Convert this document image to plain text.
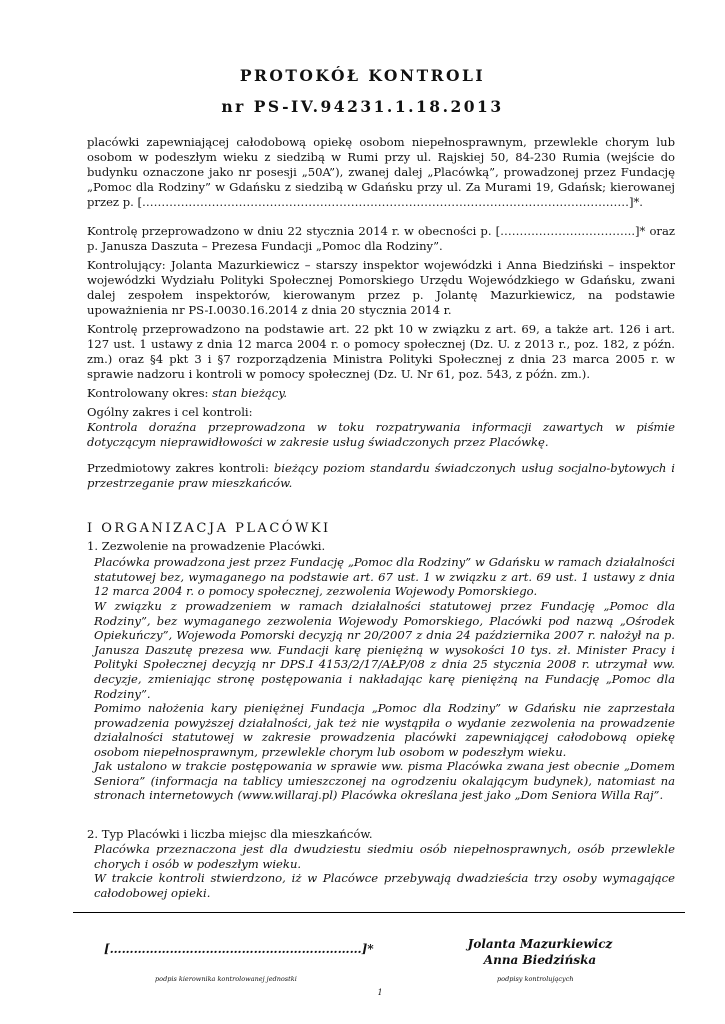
PROTOKÓŁ KONTROLI
nr PS-IV.94231.1.18.2013

placówki zapewniającej całodobową opiekę osobom niepełnosprawnym, przewlekle chorym lub osobom w podeszłym wieku z siedzibą w Rumi przy ul. Rajskiej 50, 84-230 Rumia (wejście do budynku oznaczone jako nr posesji „50A”), zwanej dalej „Placówką”, prowadzonej przez Fundację „Pomoc dla Rodziny” w Gdańsku z siedzibą w Gdańsku przy ul. Za Murami 19, Gdańsk; kierowanej przez p. [………………………………………………………………………………………………………………]*.

Kontrolę przeprowadzono w dniu 22 stycznia 2014 r. w obecności p. [……………………………..]* oraz p. Janusza Daszuta – Prezesa Fundacji „Pomoc dla Rodziny”.

Kontrolujący: Jolanta Mazurkiewicz – starszy inspektor wojewódzki i Anna Biedziński – inspektor wojewódzki Wydziału Polityki Społecznej Pomorskiego Urzędu Wojewódzkiego w Gdańsku, zwani dalej zespołem inspektorów, kierowanym przez p. Jolantę Mazurkiewicz, na podstawie upoważnienia nr PS-I.0030.16.2014 z dnia 20 stycznia 2014 r.

Kontrolę przeprowadzono na podstawie art. 22 pkt 10 w związku z art. 69, a także art. 126 i art. 127 ust. 1 ustawy z dnia 12 marca 2004 r. o pomocy społecznej (Dz. U. z 2013 r., poz. 182, z późn. zm.) oraz §4 pkt 3 i §7 rozporządzenia Ministra Polityki Społecznej z dnia 23 marca 2005 r. w sprawie nadzoru i kontroli w pomocy społecznej (Dz. U. Nr 61, poz. 543, z późn. zm.).

Kontrolowany okres: stan bieżący.

Ogólny zakres i cel kontroli:

Kontrola doraźna przeprowadzona w toku rozpatrywania informacji zawartych w piśmie dotyczącym nieprawidłowości w zakresie usług świadczonych przez Placówkę.

Przedmiotowy zakres kontroli: bieżący poziom standardu świadczonych usług socjalno-bytowych i przestrzeganie praw mieszkańców.
I ORGANIZACJA PLACÓWKI
1. Zezwolenie na prowadzenie Placówki.
Placówka prowadzona jest przez Fundację „Pomoc dla Rodziny” w Gdańsku w ramach działalności statutowej bez, wymaganego na podstawie art. 67 ust. 1 w związku z art. 69 ust. 1 ustawy z dnia 12 marca 2004 r. o pomocy społecznej, zezwolenia Wojewody Pomorskiego.
W związku z prowadzeniem w ramach działalności statutowej przez Fundację „Pomoc dla Rodziny”, bez wymaganego zezwolenia Wojewody Pomorskiego, Placówki pod nazwą „Ośrodek Opiekuńczy”, Wojewoda Pomorski decyzją nr 20/2007 z dnia 24 października 2007 r. nałożył na p. Janusza Daszutę prezesa ww. Fundacji karę pieniężną w wysokości 10 tys. zł. Minister Pracy i Polityki Społecznej decyzją nr DPS.I 4153/2/17/AŁP/08 z dnia 25 stycznia 2008 r. utrzymał ww. decyzje, zmieniając stronę postępowania i nakładając karę pieniężną na Fundację „Pomoc dla Rodziny”.
Pomimo nałożenia kary pieniężnej Fundacja „Pomoc dla Rodziny” w Gdańsku nie zaprzestała prowadzenia powyższej działalności, jak też nie wystąpiła o wydanie zezwolenia na prowadzenie działalności statutowej w zakresie prowadzenia placówki zapewniającej całodobową opiekę osobom niepełnosprawnym, przewlekle chorym lub osobom w podeszłym wieku.
Jak ustalono w trakcie postępowania w sprawie ww. pisma Placówka zwana jest obecnie „Domem Seniora” (informacja na tablicy umieszczonej na ogrodzeniu okalającym budynek), natomiast na stronach internetowych (www.willaraj.pl) Placówka określana jest jako „Dom Seniora Willa Raj”.
2. Typ Placówki i liczba miejsc dla mieszkańców.
Placówka przeznaczona jest dla dwudziestu siedmiu osób niepełnosprawnych, osób przewlekle chorych i osób w podeszłym wieku.
W trakcie kontroli stwierdzono, iż w Placówce przebywają dwadzieścia trzy osoby wymagające całodobowej opieki.
[………………………………………………………]*	Jolanta Mazurkiewicz
Anna Biedzińska
podpis kierownika kontrolowanej jednostki	podpisy kontrolujących
1
